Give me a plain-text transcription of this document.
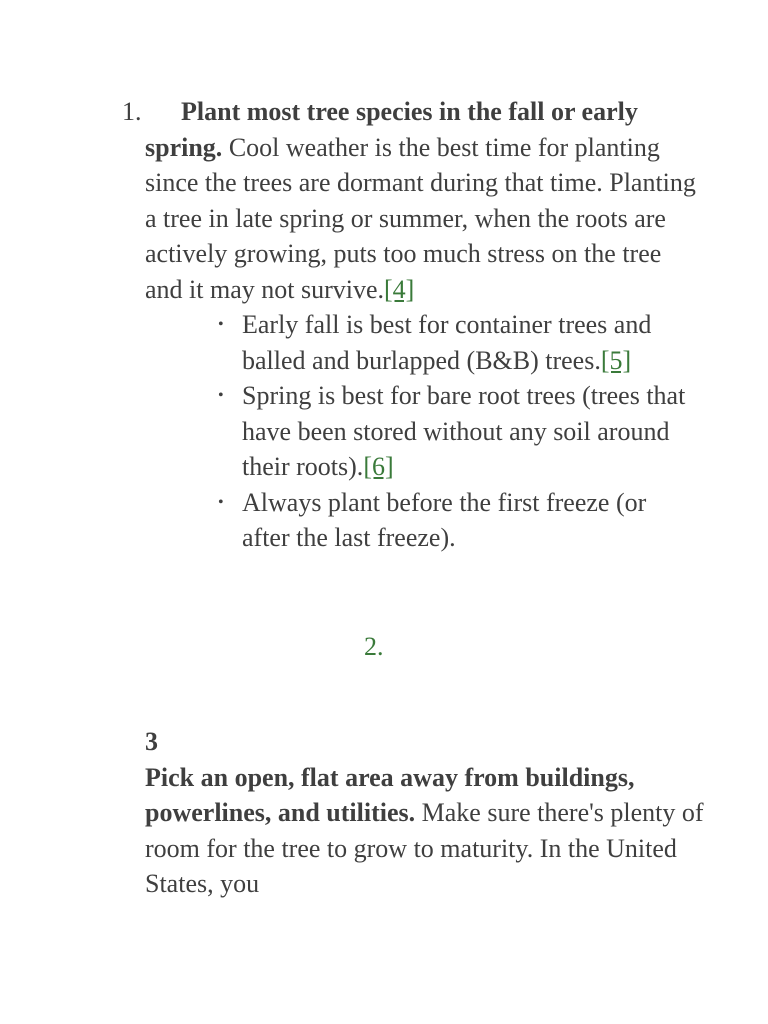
1.	Plant most tree species in the fall or early spring. Cool weather is the best time for planting since the trees are dormant during that time. Planting a tree in late spring or summer, when the roots are actively growing, puts too much stress on the tree and it may not survive.[4]
• Early fall is best for container trees and balled and burlapped (B&B) trees.[5]
• Spring is best for bare root trees (trees that have been stored without any soil around their roots).[6]
• Always plant before the first freeze (or after the last freeze).
2.
3
Pick an open, flat area away from buildings, powerlines, and utilities. Make sure there's plenty of room for the tree to grow to maturity. In the United States, you
